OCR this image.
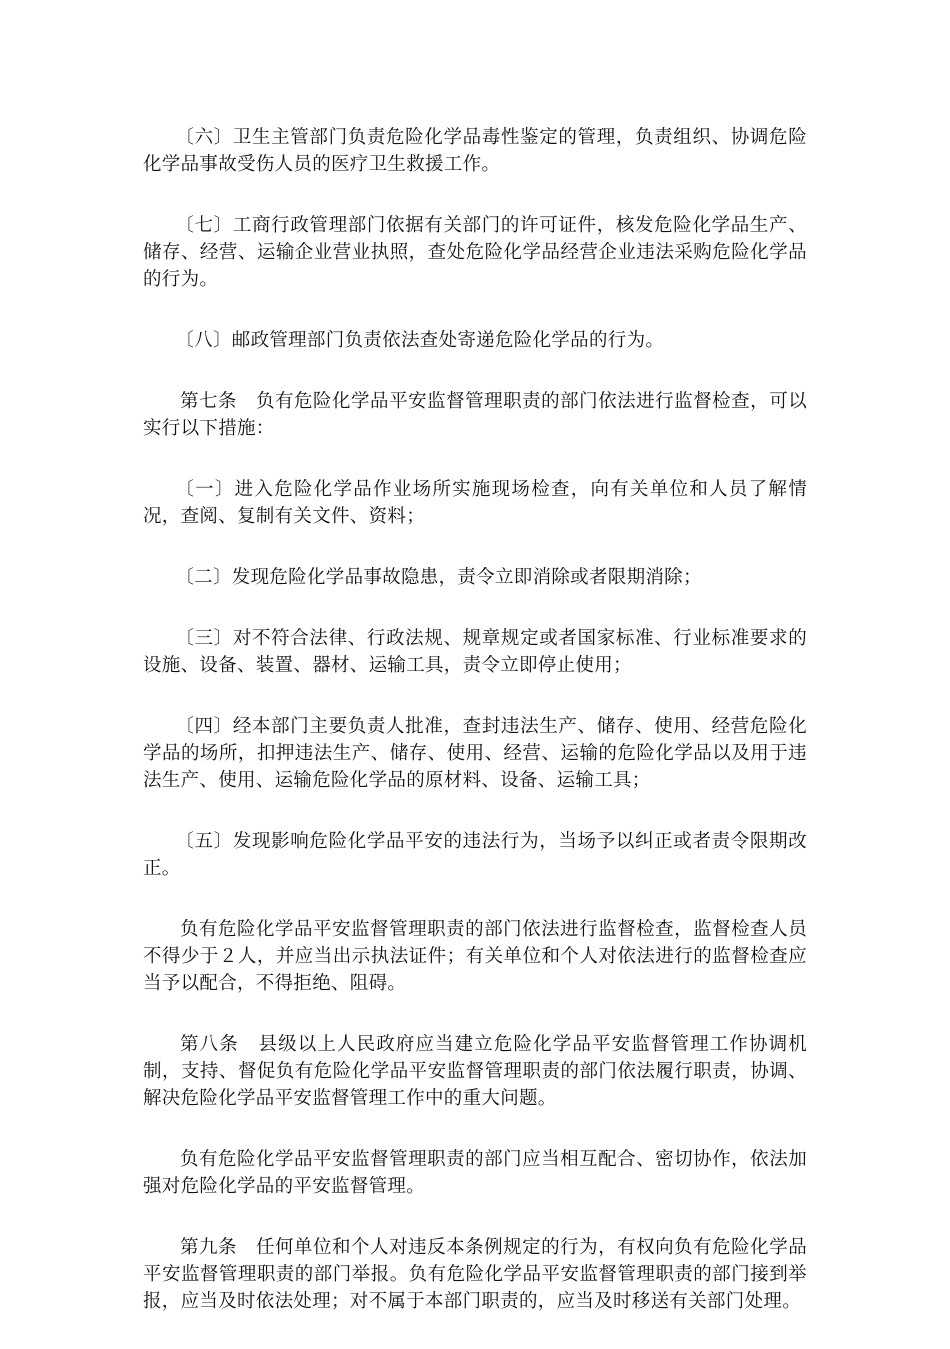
〔六〕卫生主管部门负责危险化学品毒性鉴定的管理，负责组织、协调危险化学品事故受伤人员的医疗卫生救援工作。

〔七〕工商行政管理部门依据有关部门的许可证件，核发危险化学品生产、储存、经营、运输企业营业执照，查处危险化学品经营企业违法采购危险化学品的行为。

〔八〕邮政管理部门负责依法查处寄递危险化学品的行为。

第七条　负有危险化学品平安监督管理职责的部门依法进行监督检查，可以实行以下措施：

〔一〕进入危险化学品作业场所实施现场检查，向有关单位和人员了解情况，查阅、复制有关文件、资料；

〔二〕发现危险化学品事故隐患，责令立即消除或者限期消除；

〔三〕对不符合法律、行政法规、规章规定或者国家标准、行业标准要求的设施、设备、装置、器材、运输工具，责令立即停止使用；

〔四〕经本部门主要负责人批准，查封违法生产、储存、使用、经营危险化学品的场所，扣押违法生产、储存、使用、经营、运输的危险化学品以及用于违法生产、使用、运输危险化学品的原材料、设备、运输工具；

〔五〕发现影响危险化学品平安的违法行为，当场予以纠正或者责令限期改正。

负有危险化学品平安监督管理职责的部门依法进行监督检查，监督检查人员不得少于２人，并应当出示执法证件；有关单位和个人对依法进行的监督检查应当予以配合，不得拒绝、阻碍。

第八条　县级以上人民政府应当建立危险化学品平安监督管理工作协调机制，支持、督促负有危险化学品平安监督管理职责的部门依法履行职责，协调、解决危险化学品平安监督管理工作中的重大问题。

负有危险化学品平安监督管理职责的部门应当相互配合、密切协作，依法加强对危险化学品的平安监督管理。

第九条　任何单位和个人对违反本条例规定的行为，有权向负有危险化学品平安监督管理职责的部门举报。负有危险化学品平安监督管理职责的部门接到举报，应当及时依法处理；对不属于本部门职责的，应当及时移送有关部门处理。
